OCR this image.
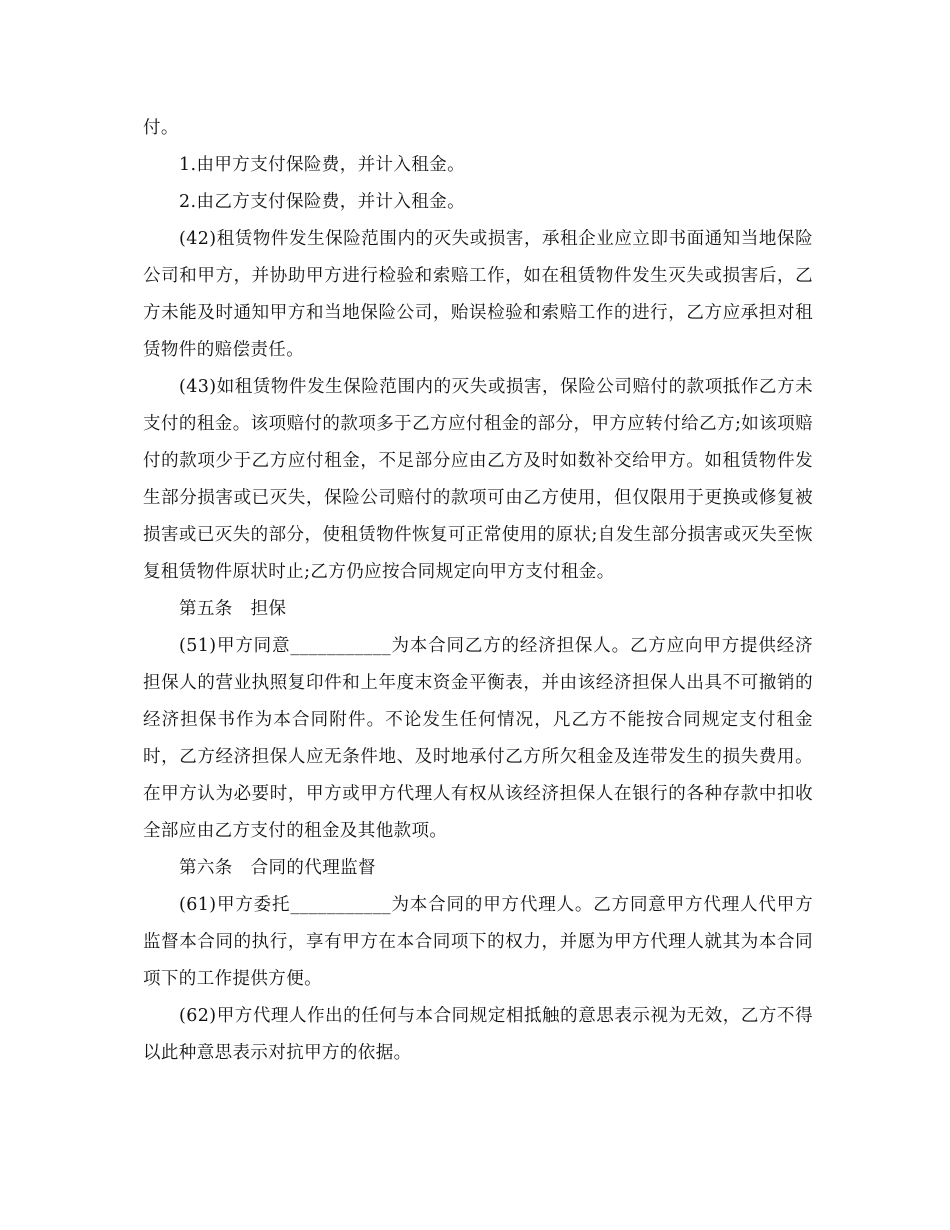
付。

1.由甲方支付保险费，并计入租金。

2.由乙方支付保险费，并计入租金。

(42)租赁物件发生保险范围内的灭失或损害，承租企业应立即书面通知当地保险公司和甲方，并协助甲方进行检验和索赔工作，如在租赁物件发生灭失或损害后，乙方未能及时通知甲方和当地保险公司，贻误检验和索赔工作的进行，乙方应承担对租赁物件的赔偿责任。

(43)如租赁物件发生保险范围内的灭失或损害，保险公司赔付的款项抵作乙方未支付的租金。该项赔付的款项多于乙方应付租金的部分，甲方应转付给乙方;如该项赔付的款项少于乙方应付租金，不足部分应由乙方及时如数补交给甲方。如租赁物件发生部分损害或已灭失，保险公司赔付的款项可由乙方使用，但仅限用于更换或修复被损害或已灭失的部分，使租赁物件恢复可正常使用的原状;自发生部分损害或灭失至恢复租赁物件原状时止;乙方仍应按合同规定向甲方支付租金。

第五条　担保

(51)甲方同意___________为本合同乙方的经济担保人。乙方应向甲方提供经济担保人的营业执照复印件和上年度末资金平衡表，并由该经济担保人出具不可撤销的经济担保书作为本合同附件。不论发生任何情况，凡乙方不能按合同规定支付租金时，乙方经济担保人应无条件地、及时地承付乙方所欠租金及连带发生的损失费用。在甲方认为必要时，甲方或甲方代理人有权从该经济担保人在银行的各种存款中扣收全部应由乙方支付的租金及其他款项。

第六条　合同的代理监督

(61)甲方委托___________为本合同的甲方代理人。乙方同意甲方代理人代甲方监督本合同的执行，享有甲方在本合同项下的权力，并愿为甲方代理人就其为本合同项下的工作提供方便。

(62)甲方代理人作出的任何与本合同规定相抵触的意思表示视为无效，乙方不得以此种意思表示对抗甲方的依据。
